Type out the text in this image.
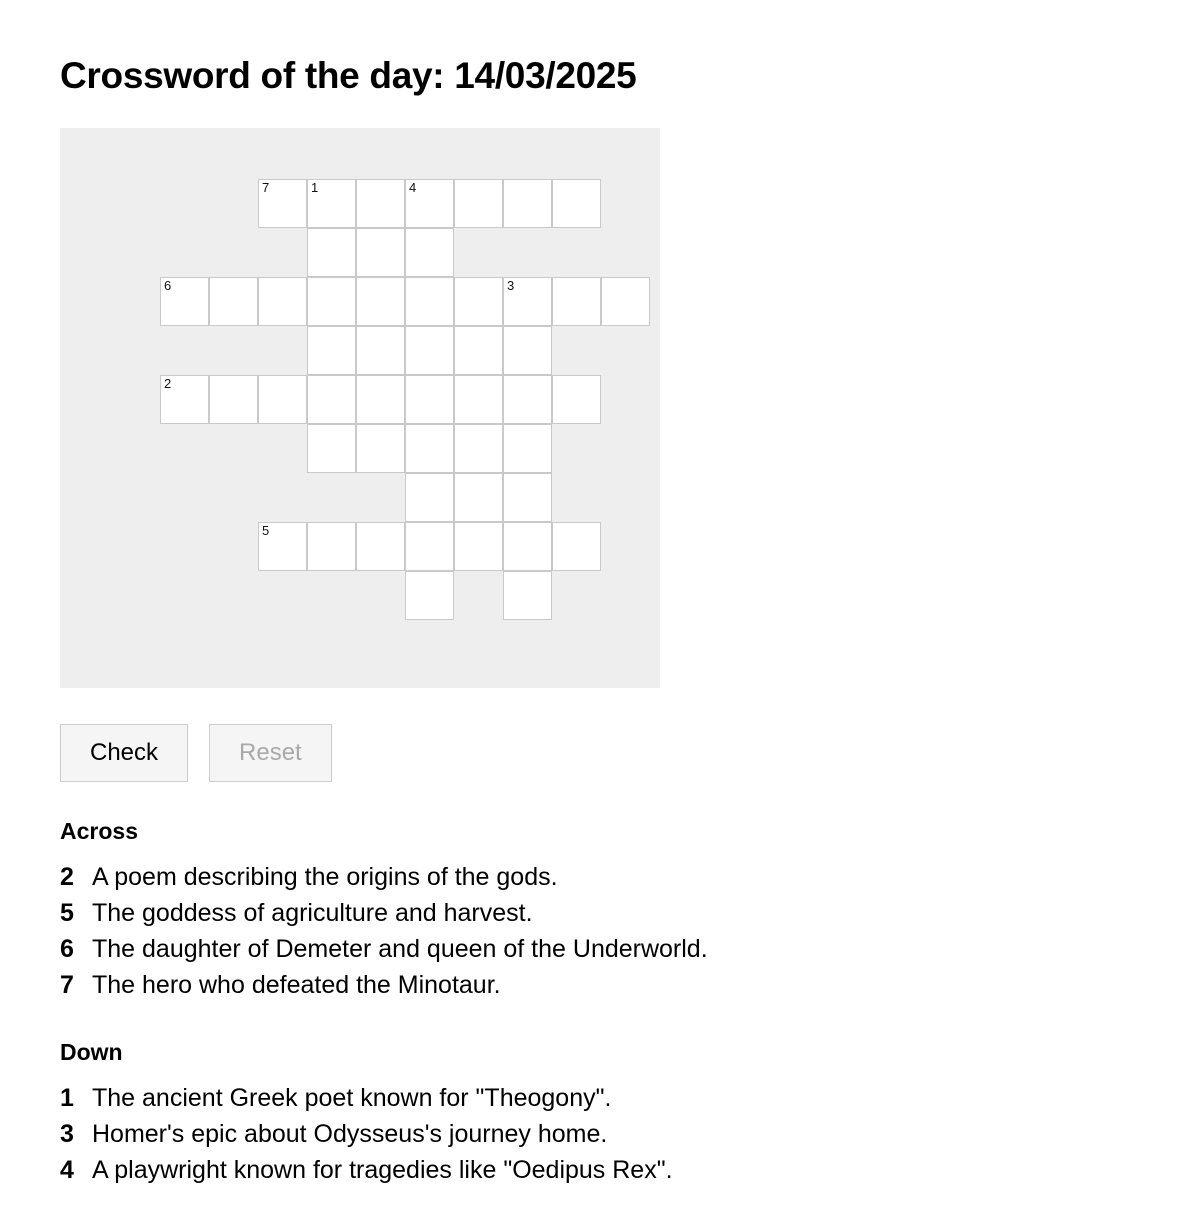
Crossword of the day: 14/03/2025
7	1	4
6	3
2
5
Check	Reset
Across
2 A poem describing the origins of the gods.
5 The goddess of agriculture and harvest.
6 The daughter of Demeter and queen of the Underworld.
7 The hero who defeated the Minotaur.
Down
1 The ancient Greek poet known for "Theogony".
3 Homer's epic about Odysseus's journey home.
4 A playwright known for tragedies like "Oedipus Rex".
